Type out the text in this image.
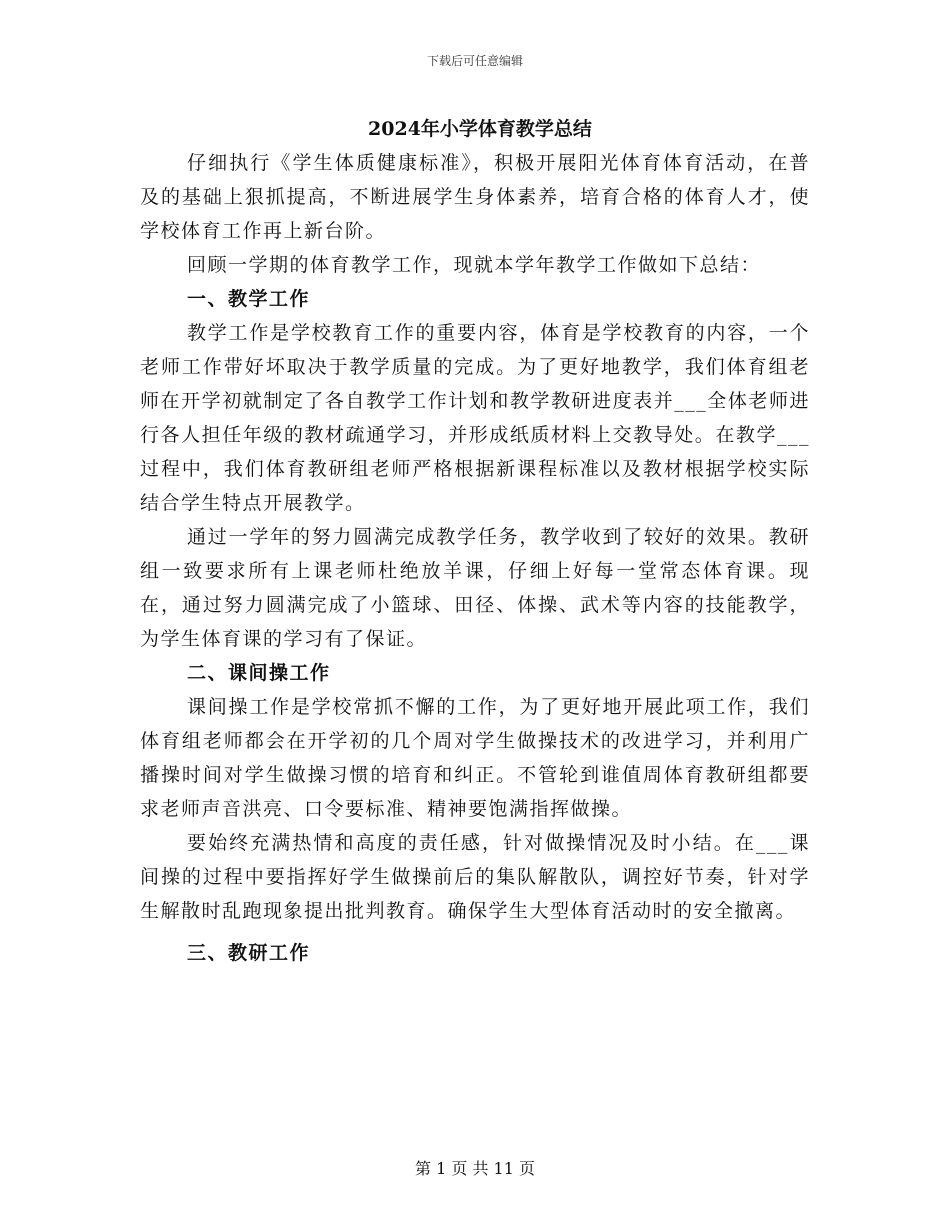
下载后可任意编辑
2024年小学体育教学总结

仔细执行《学生体质健康标准》，积极开展阳光体育体育活动，在普及的基础上狠抓提高，不断进展学生身体素养，培育合格的体育人才，使学校体育工作再上新台阶。

回顾一学期的体育教学工作，现就本学年教学工作做如下总结：

一、教学工作

教学工作是学校教育工作的重要内容，体育是学校教育的内容，一个老师工作带好坏取决于教学质量的完成。为了更好地教学，我们体育组老师在开学初就制定了各自教学工作计划和教学教研进度表并___全体老师进行各人担任年级的教材疏通学习，并形成纸质材料上交教导处。在教学___过程中，我们体育教研组老师严格根据新课程标准以及教材根据学校实际结合学生特点开展教学。

通过一学年的努力圆满完成教学任务，教学收到了较好的效果。教研组一致要求所有上课老师杜绝放羊课，仔细上好每一堂常态体育课。现在，通过努力圆满完成了小篮球、田径、体操、武术等内容的技能教学，为学生体育课的学习有了保证。

二、课间操工作

课间操工作是学校常抓不懈的工作，为了更好地开展此项工作，我们体育组老师都会在开学初的几个周对学生做操技术的改进学习，并利用广播操时间对学生做操习惯的培育和纠正。不管轮到谁值周体育教研组都要求老师声音洪亮、口令要标准、精神要饱满指挥做操。

要始终充满热情和高度的责任感，针对做操情况及时小结。在___课间操的过程中要指挥好学生做操前后的集队解散队，调控好节奏，针对学生解散时乱跑现象提出批判教育。确保学生大型体育活动时的安全撤离。

三、教研工作

第 1 页 共 11 页
